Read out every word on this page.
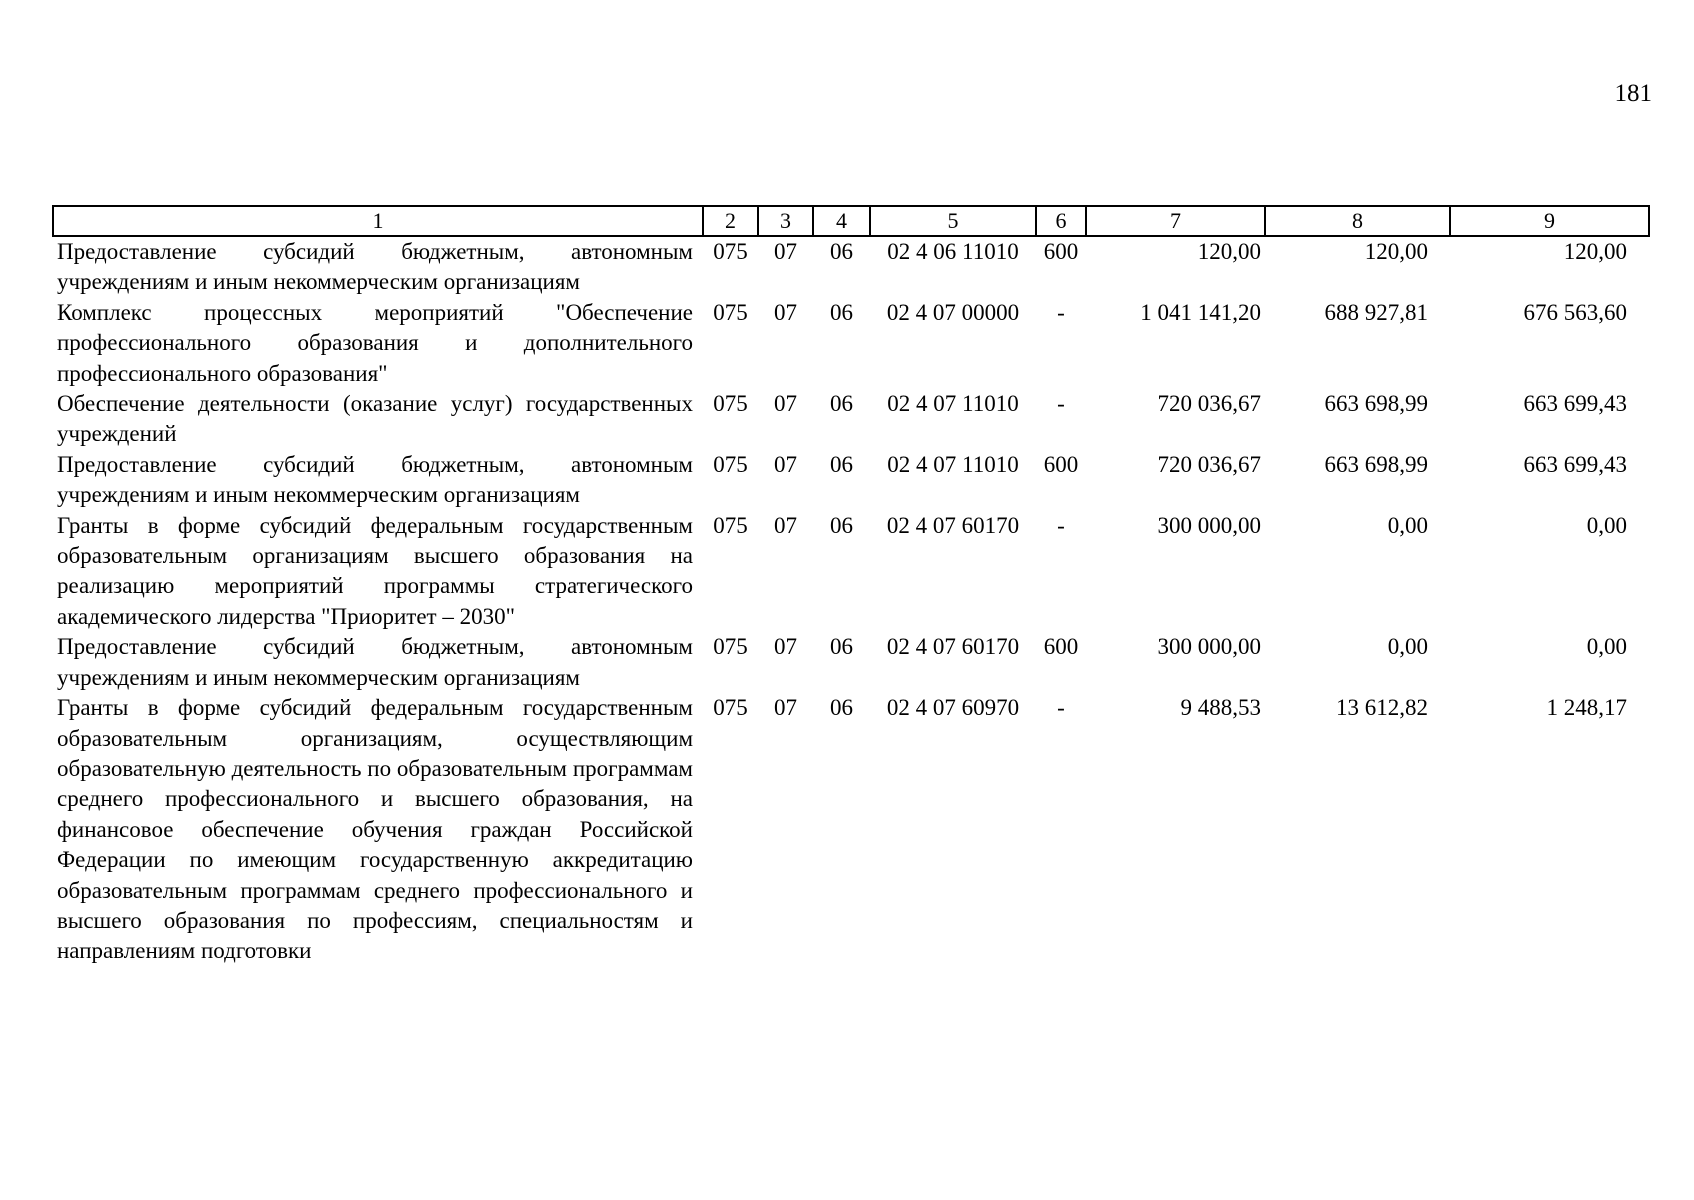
181
1	2	3	4	5	6	7	8	9
Предоставление субсидий бюджетным, автономным учреждениям и иным некоммерческим организациям	075	07	06	02 4 06 11010	600	120,00	120,00	120,00
Комплекс процессных мероприятий "Обеспечение профессионального образования и дополнительного профессионального образования"	075	07	06	02 4 07 00000	-	1 041 141,20	688 927,81	676 563,60
Обеспечение деятельности (оказание услуг) государственных учреждений	075	07	06	02 4 07 11010	-	720 036,67	663 698,99	663 699,43
Предоставление субсидий бюджетным, автономным учреждениям и иным некоммерческим организациям	075	07	06	02 4 07 11010	600	720 036,67	663 698,99	663 699,43
Гранты в форме субсидий федеральным государственным образовательным организациям высшего образования на реализацию мероприятий программы стратегического академического лидерства "Приоритет – 2030"	075	07	06	02 4 07 60170	-	300 000,00	0,00	0,00
Предоставление субсидий бюджетным, автономным учреждениям и иным некоммерческим организациям	075	07	06	02 4 07 60170	600	300 000,00	0,00	0,00
Гранты в форме субсидий федеральным государственным образовательным организациям, осуществляющим образовательную деятельность по образовательным программам среднего профессионального и высшего образования, на финансовое обеспечение обучения граждан Российской Федерации по имеющим государственную аккредитацию образовательным программам среднего профессионального и высшего образования по профессиям, специальностям и направлениям подготовки	075	07	06	02 4 07 60970	-	9 488,53	13 612,82	1 248,17
